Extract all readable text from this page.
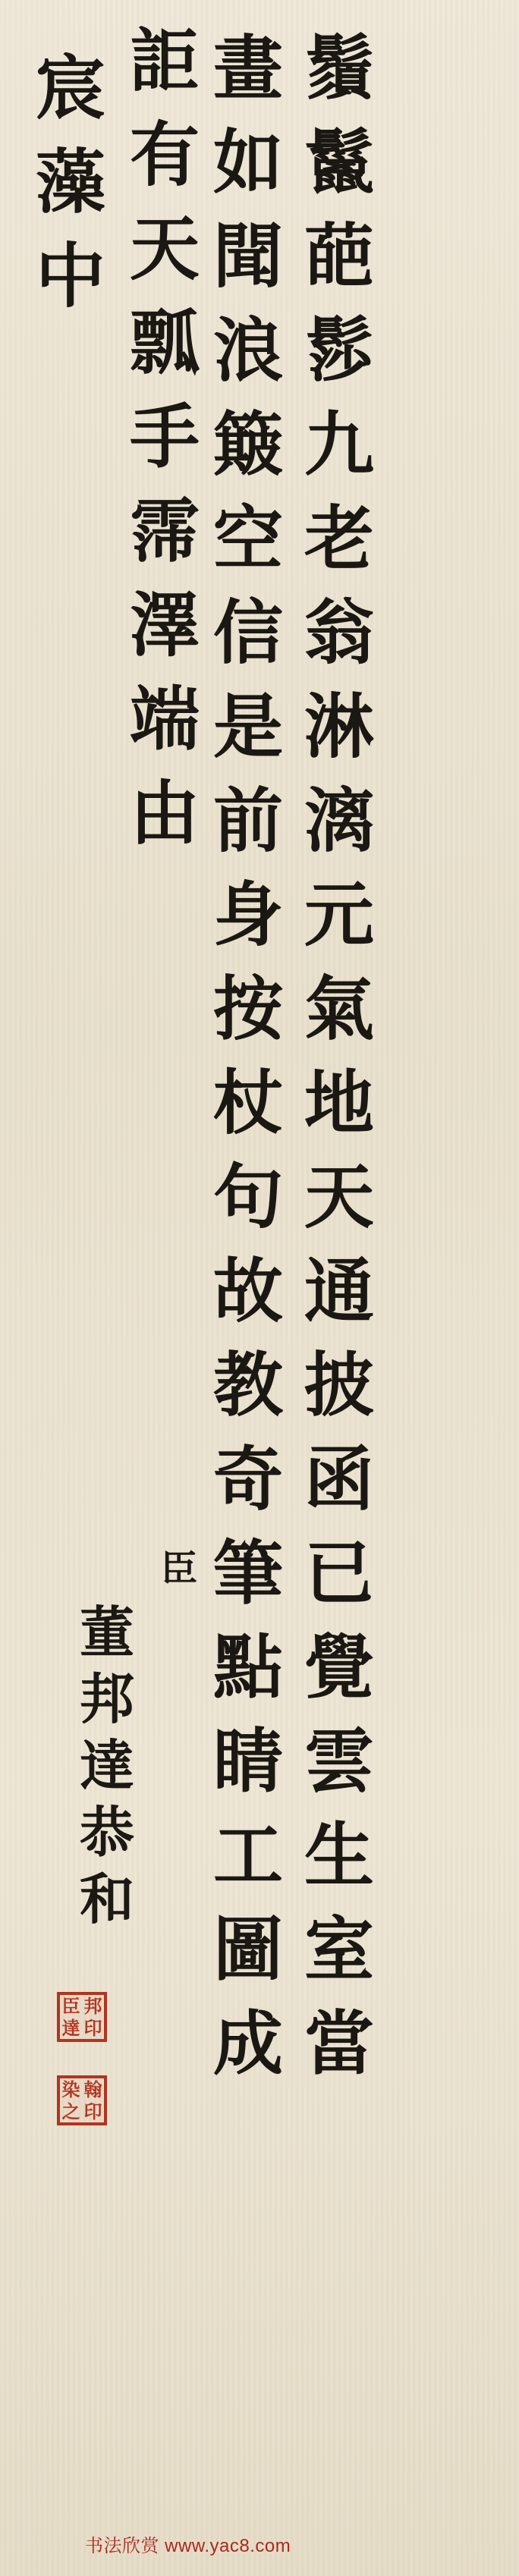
鬚
鬣
葩
髿
九
老
翁
淋
漓
元
氣
地
天
通
披
函
已
覺
雲
生
室
當
畫
如
聞
浪
簸
空
信
是
前
身
按
杖
句
故
教
奇
筆
點
睛
工
圖
成
詎
有
天
瓢
手
霈
澤
端
由
宸
藻
中
臣
董
邦
達
恭
和
臣 邦
達 印
染 翰
之 印
书法欣赏 www.yac8.com
